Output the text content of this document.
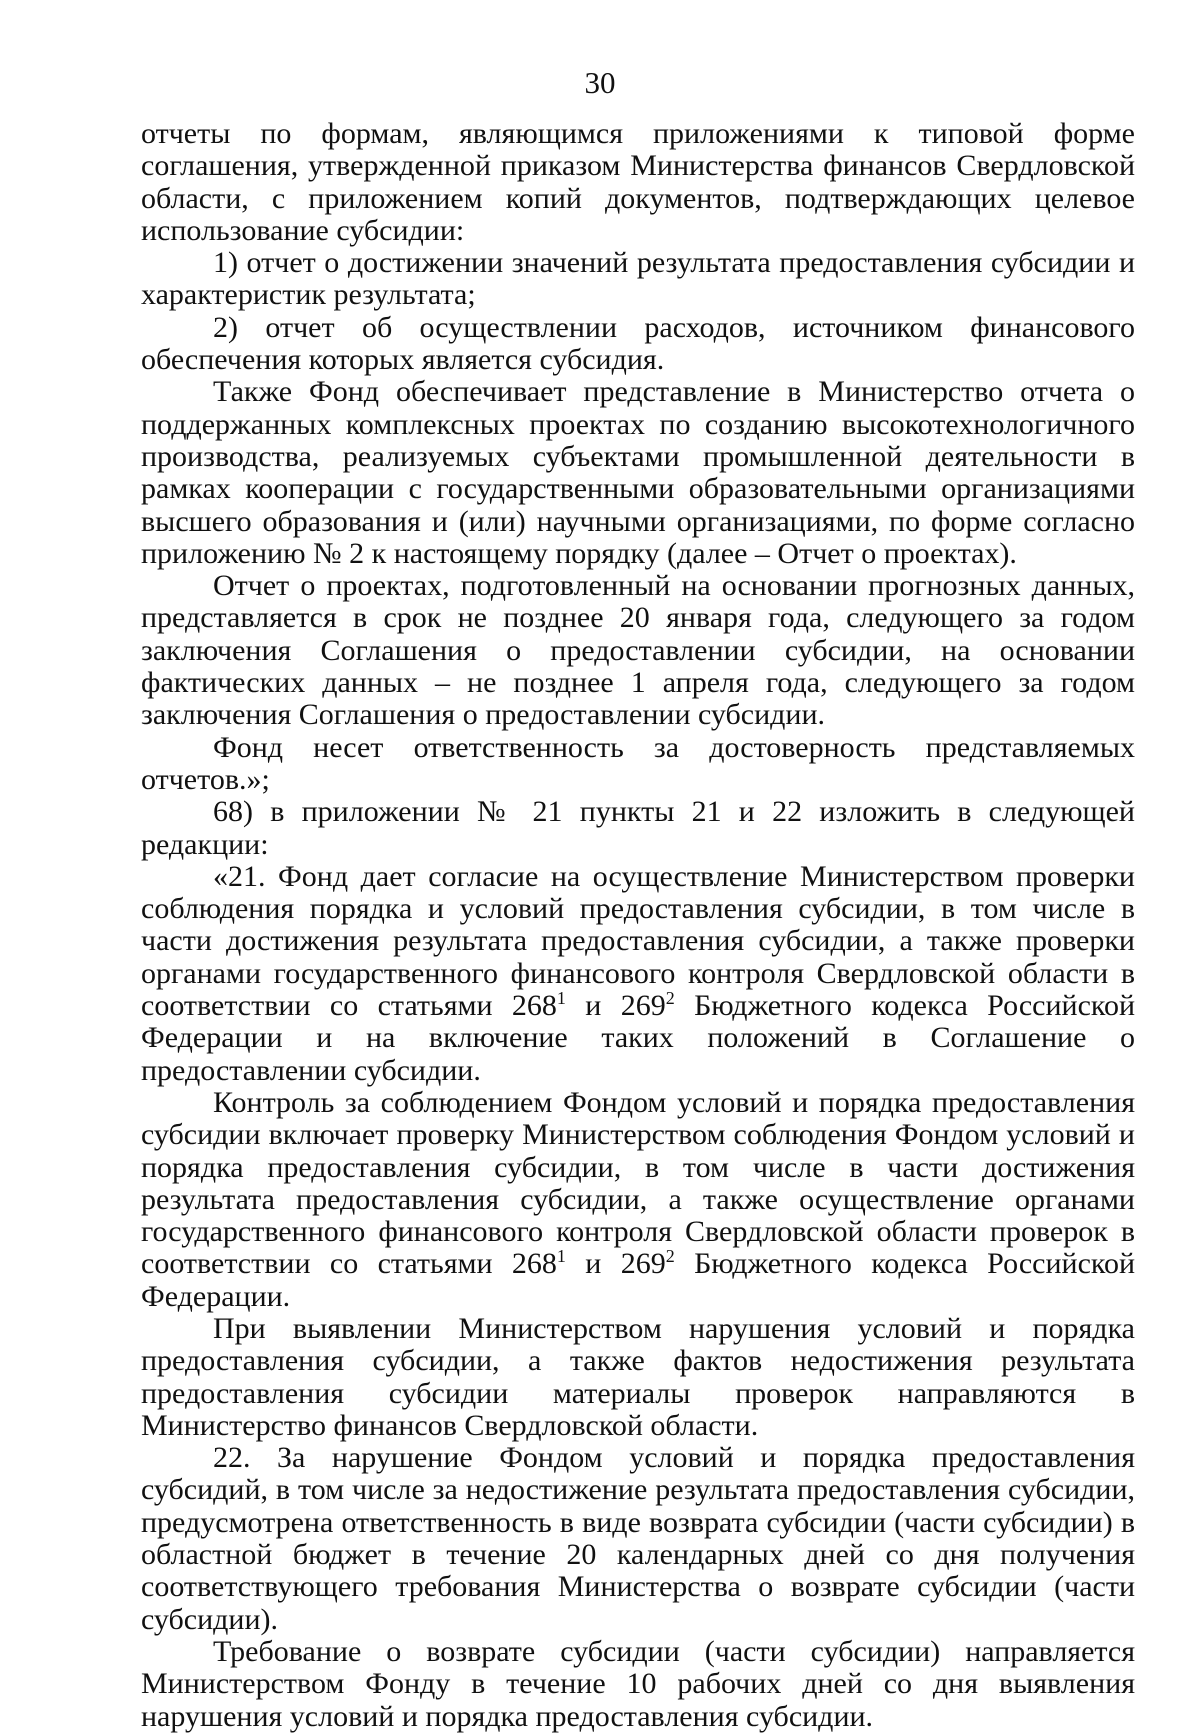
30

отчеты по формам, являющимся приложениями к типовой форме соглашения, утвержденной приказом Министерства финансов Свердловской области, с приложением копий документов, подтверждающих целевое использование субсидии:

1) отчет о достижении значений результата предоставления субсидии и характеристик результата;

2) отчет об осуществлении расходов, источником финансового обеспечения которых является субсидия.

Также Фонд обеспечивает представление в Министерство отчета о поддержанных комплексных проектах по созданию высокотехнологичного производства, реализуемых субъектами промышленной деятельности в рамках кооперации с государственными образовательными организациями высшего образования и (или) научными организациями, по форме согласно приложению № 2 к настоящему порядку (далее – Отчет о проектах).

Отчет о проектах, подготовленный на основании прогнозных данных, представляется в срок не позднее 20 января года, следующего за годом заключения Соглашения о предоставлении субсидии, на основании фактических данных – не позднее 1 апреля года, следующего за годом заключения Соглашения о предоставлении субсидии.

Фонд несет ответственность за достоверность представляемых отчетов.»;

68) в приложении № 21 пункты 21 и 22 изложить в следующей редакции:

«21. Фонд дает согласие на осуществление Министерством проверки соблюдения порядка и условий предоставления субсидии, в том числе в части достижения результата предоставления субсидии, а также проверки органами государственного финансового контроля Свердловской области в соответствии со статьями $268^1$ и $269^2$ Бюджетного кодекса Российской Федерации и на включение таких положений в Соглашение о предоставлении субсидии.

Контроль за соблюдением Фондом условий и порядка предоставления субсидии включает проверку Министерством соблюдения Фондом условий и порядка предоставления субсидии, в том числе в части достижения результата предоставления субсидии, а также осуществление органами государственного финансового контроля Свердловской области проверок в соответствии со статьями $268^1$ и $269^2$ Бюджетного кодекса Российской Федерации.

При выявлении Министерством нарушения условий и порядка предоставления субсидии, а также фактов недостижения результата предоставления субсидии материалы проверок направляются в Министерство финансов Свердловской области.

22. За нарушение Фондом условий и порядка предоставления субсидий, в том числе за недостижение результата предоставления субсидии, предусмотрена ответственность в виде возврата субсидии (части субсидии) в областной бюджет в течение 20 календарных дней со дня получения соответствующего требования Министерства о возврате субсидии (части субсидии).

Требование о возврате субсидии (части субсидии) направляется Министерством Фонду в течение 10 рабочих дней со дня выявления нарушения условий и порядка предоставления субсидии.
